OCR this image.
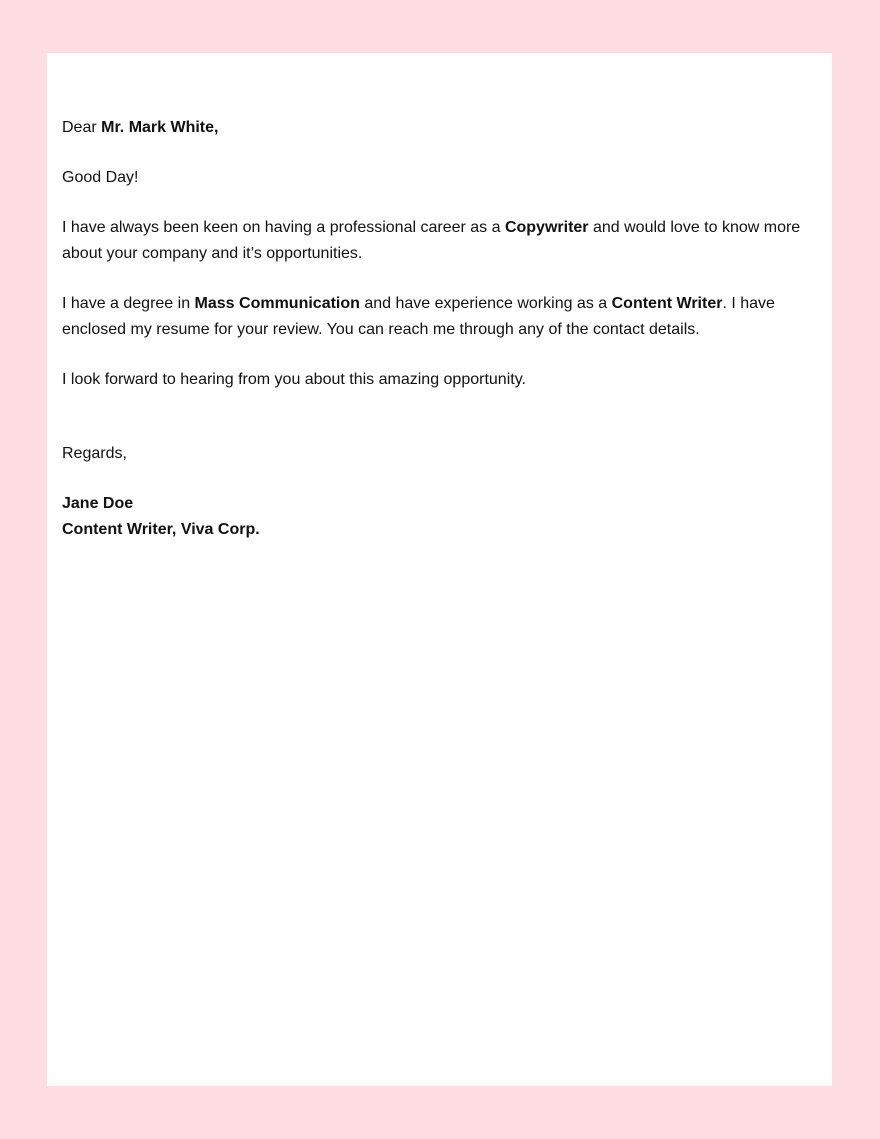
Dear Mr. Mark White,

Good Day!

I have always been keen on having a professional career as a Copywriter and would love to know more about your company and it’s opportunities.

I have a degree in Mass Communication and have experience working as a Content Writer. I have enclosed my resume for your review. You can reach me through any of the contact details.

I look forward to hearing from you about this amazing opportunity.

Regards,

Jane Doe

Content Writer, Viva Corp.
